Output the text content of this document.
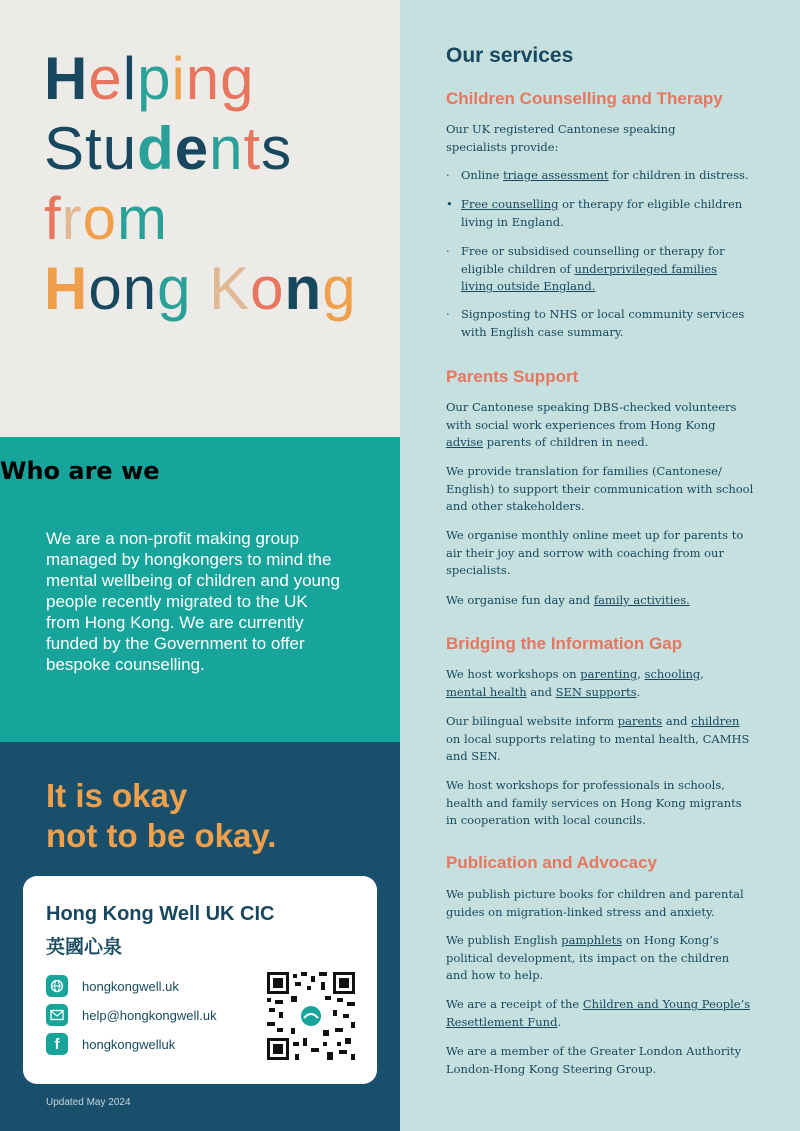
Helping
Students
from
Hong Kong
Who are we
We are a non-profit making group managed by hongkongers to mind the mental wellbeing of children and young people recently migrated to the UK from Hong Kong. We are currently funded by the Government to offer bespoke counselling.
It is okay
not to be okay.
Hong Kong Well UK CIC
英國心泉
hongkongwell.uk
help@hongkongwell.uk
f	hongkongwelluk
Updated May 2024
Our services
Children Counselling and Therapy

Our UK registered Cantonese speaking specialists provide:

· Online triage assessment for children in distress.
• Free counselling or therapy for eligible children living in England.
· Free or subsidised counselling or therapy for eligible children of underprivileged families living outside England.
· Signposting to NHS or local community services with English case summary.
Parents Support

Our Cantonese speaking DBS-checked volunteers with social work experiences from Hong Kong advise parents of children in need.

We provide translation for families (Cantonese/ English) to support their communication with school and other stakeholders.

We organise monthly online meet up for parents to air their joy and sorrow with coaching from our specialists.

We organise fun day and family activities.

Bridging the Information Gap

We host workshops on parenting, schooling, mental health and SEN supports.

Our bilingual website inform parents and children on local supports relating to mental health, CAMHS and SEN.

We host workshops for professionals in schools, health and family services on Hong Kong migrants in cooperation with local councils.

Publication and Advocacy

We publish picture books for children and parental guides on migration-linked stress and anxiety.

We publish English pamphlets on Hong Kong’s political development, its impact on the children and how to help.

We are a receipt of the Children and Young People’s Resettlement Fund.

We are a member of the Greater London Authority London-Hong Kong Steering Group.
